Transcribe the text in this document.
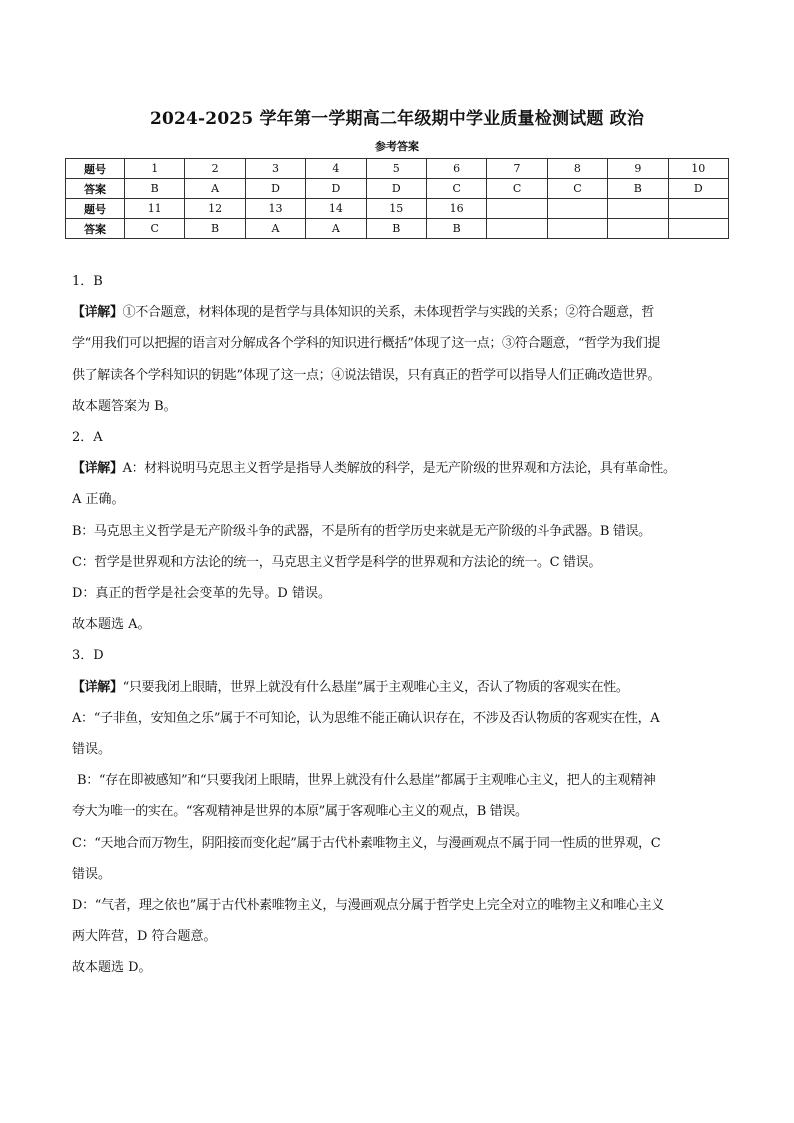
2024-2025 学年第一学期高二年级期中学业质量检测试题 政治
参考答案
题号	1	2	3	4	5	6	7	8	9	10
答案	B	A	D	D	D	C	C	C	B	D
题号	11	12	13	14	15	16				
答案	C	B	A	A	B	B				

1．B

【详解】①不合题意，材料体现的是哲学与具体知识的关系，未体现哲学与实践的关系；②符合题意，哲

学“用我们可以把握的语言对分解成各个学科的知识进行概括”体现了这一点；③符合题意，“哲学为我们提

供了解读各个学科知识的钥匙”体现了这一点；④说法错误，只有真正的哲学可以指导人们正确改造世界。

故本题答案为 B。

2．A

【详解】A：材料说明马克思主义哲学是指导人类解放的科学，是无产阶级的世界观和方法论，具有革命性。

A 正确。

B：马克思主义哲学是无产阶级斗争的武器，不是所有的哲学历史来就是无产阶级的斗争武器。B 错误。

C：哲学是世界观和方法论的统一，马克思主义哲学是科学的世界观和方法论的统一。C 错误。

D：真正的哲学是社会变革的先导。D 错误。

故本题选 A。

3．D

【详解】“只要我闭上眼睛，世界上就没有什么悬崖”属于主观唯心主义，否认了物质的客观实在性。

A：“子非鱼，安知鱼之乐”属于不可知论，认为思维不能正确认识存在，不涉及否认物质的客观实在性，A

错误。

B：“存在即被感知”和“只要我闭上眼睛，世界上就没有什么悬崖”都属于主观唯心主义，把人的主观精神

夸大为唯一的实在。“客观精神是世界的本原”属于客观唯心主义的观点，B 错误。

C：“天地合而万物生，阴阳接而变化起”属于古代朴素唯物主义，与漫画观点不属于同一性质的世界观，C

错误。

D：“气者，理之依也”属于古代朴素唯物主义，与漫画观点分属于哲学史上完全对立的唯物主义和唯心主义

两大阵营，D 符合题意。

故本题选 D。
